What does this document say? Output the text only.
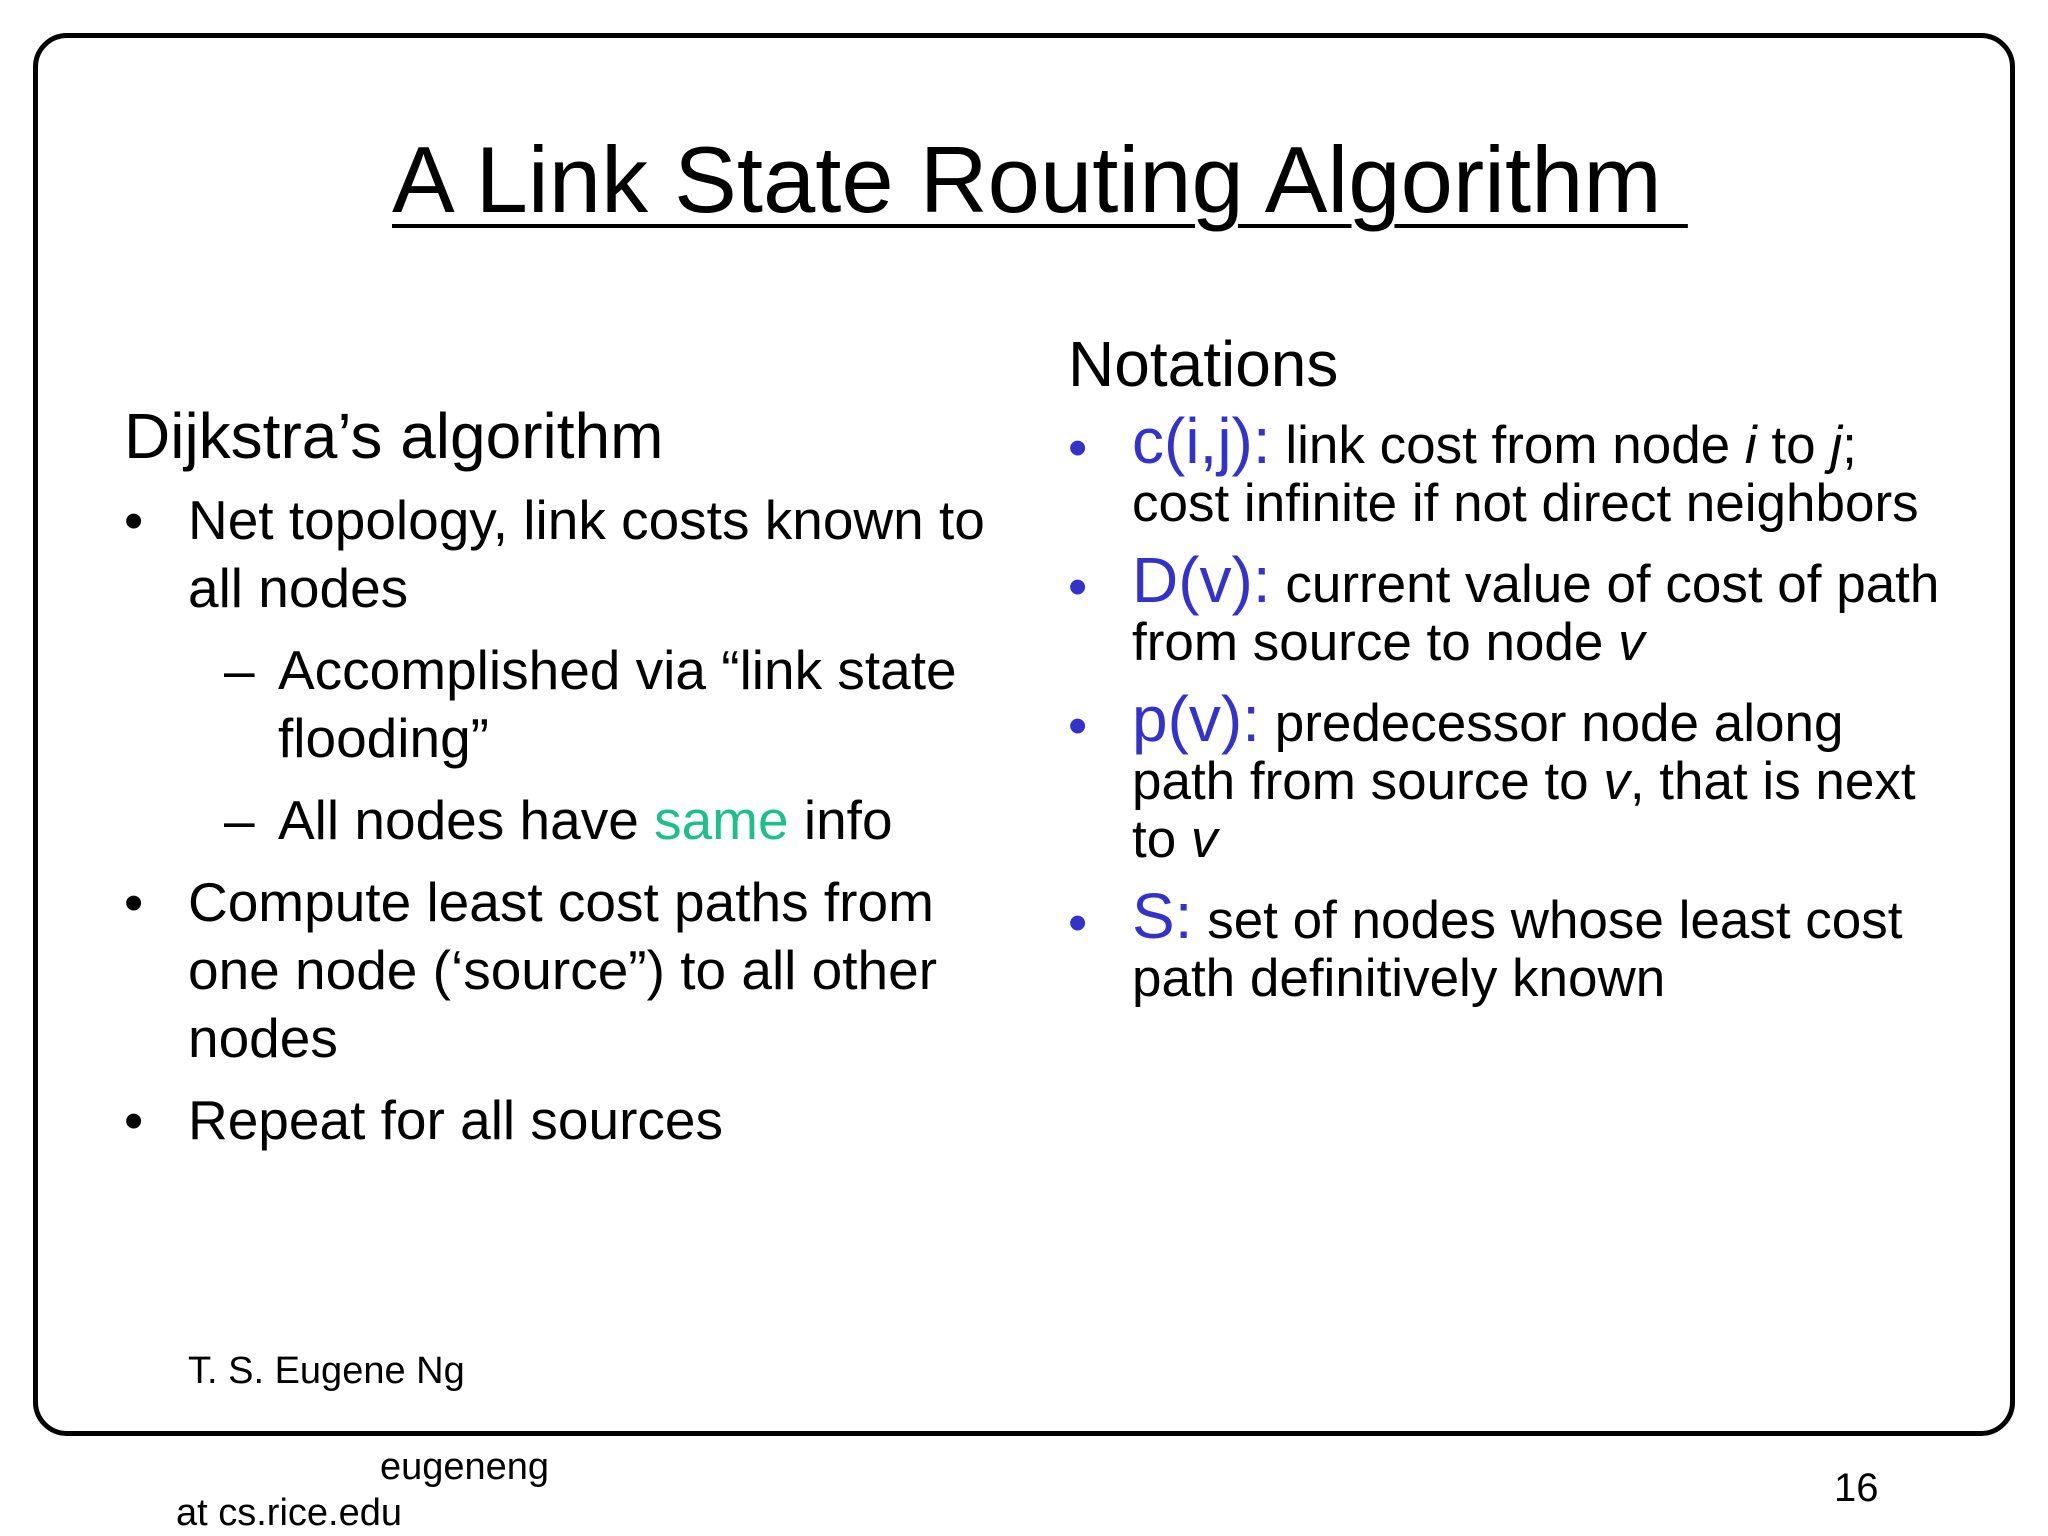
A Link State Routing Algorithm
Dijkstra’s algorithm
• Net topology, link costs known to all nodes
– Accomplished via “link state flooding”
– All nodes have same info
• Compute least cost paths from one node (‘source”) to all other nodes
• Repeat for all sources
Notations
• c(i,j): link cost from node i to j; cost infinite if not direct neighbors
• D(v): current value of cost of path from source to node v
• p(v): predecessor node along path from source to v, that is next to v
• S: set of nodes whose least cost path definitively known
T. S. Eugene Ng
eugeneng
at cs.rice.edu
16
